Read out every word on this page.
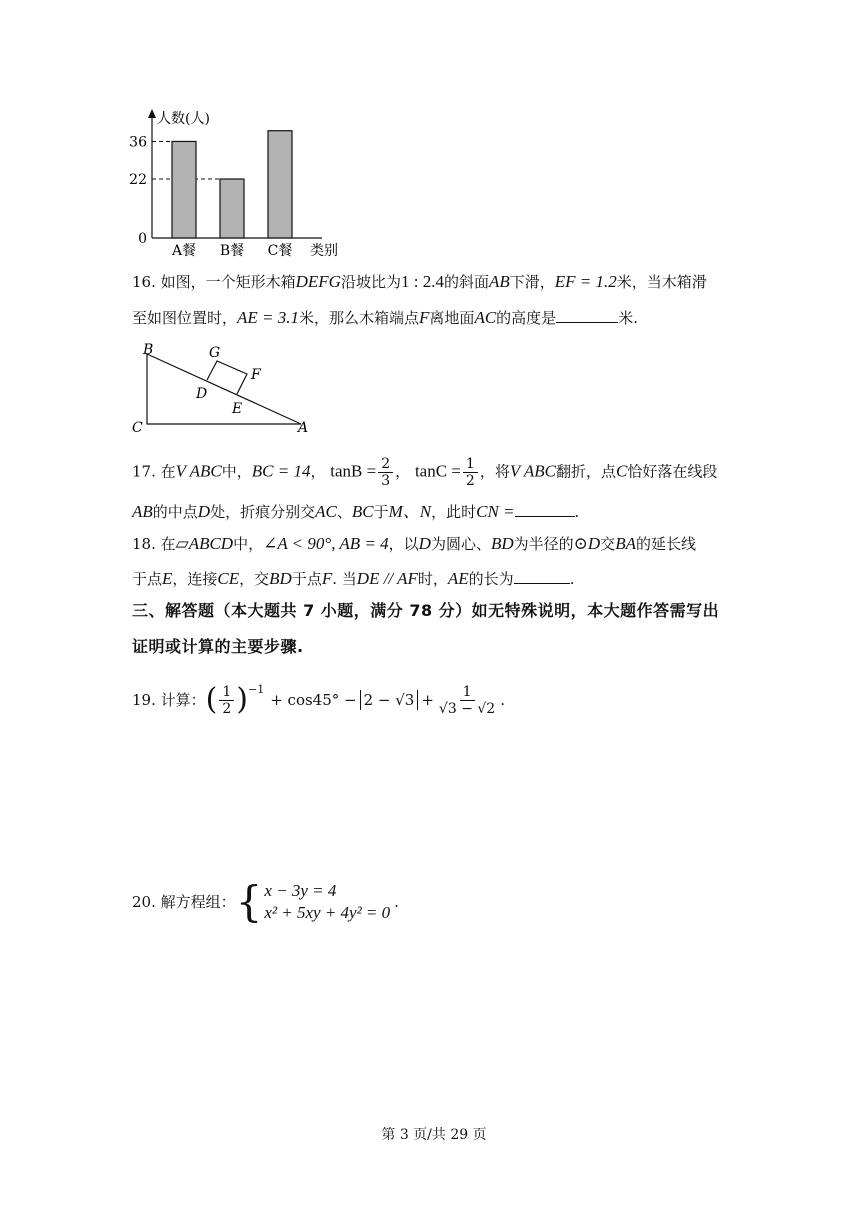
A餐 B餐 C餐
0
22
36
人数(人)
类别
16. 如图，一个矩形木箱DEFG沿坡比为1 : 2.4的斜面AB下滑，EF = 1.2米，当木箱滑
至如图位置时，AE = 3.1米，那么木箱端点F离地面AC的高度是	米.
B	G
F
D
E
C	A
17. 在V ABC中，BC = 14， $\tan B = \frac{2}{3}$ ， $\tan C = \frac{1}{2}$ ，将V ABC翻折，点C恰好落在线段
AB的中点D处，折痕分别交AC、BC于M、N，此时CN =	.
18. 在▱ABCD中，∠A < 90°, AB = 4，以D为圆心、BD为半径的⊙D交BA的延长线
于点E，连接CE，交BD于点F. 当DE // AF时，AE的长为	.
三、解答题（本大题共 7 小题，满分 78 分）如无特殊说明，本大题作答需写出
证明或计算的主要步骤.
19. 计算： ( $\frac{1}{2} )^{-1}$
+ $\cos 45^\circ - 2 - √3 + \frac{1}{√3 - √2}$ .
20. 解方程组： { x − 3y = 4
x² + 5xy + 4y² = 0
.
第 3 页/共 29 页
